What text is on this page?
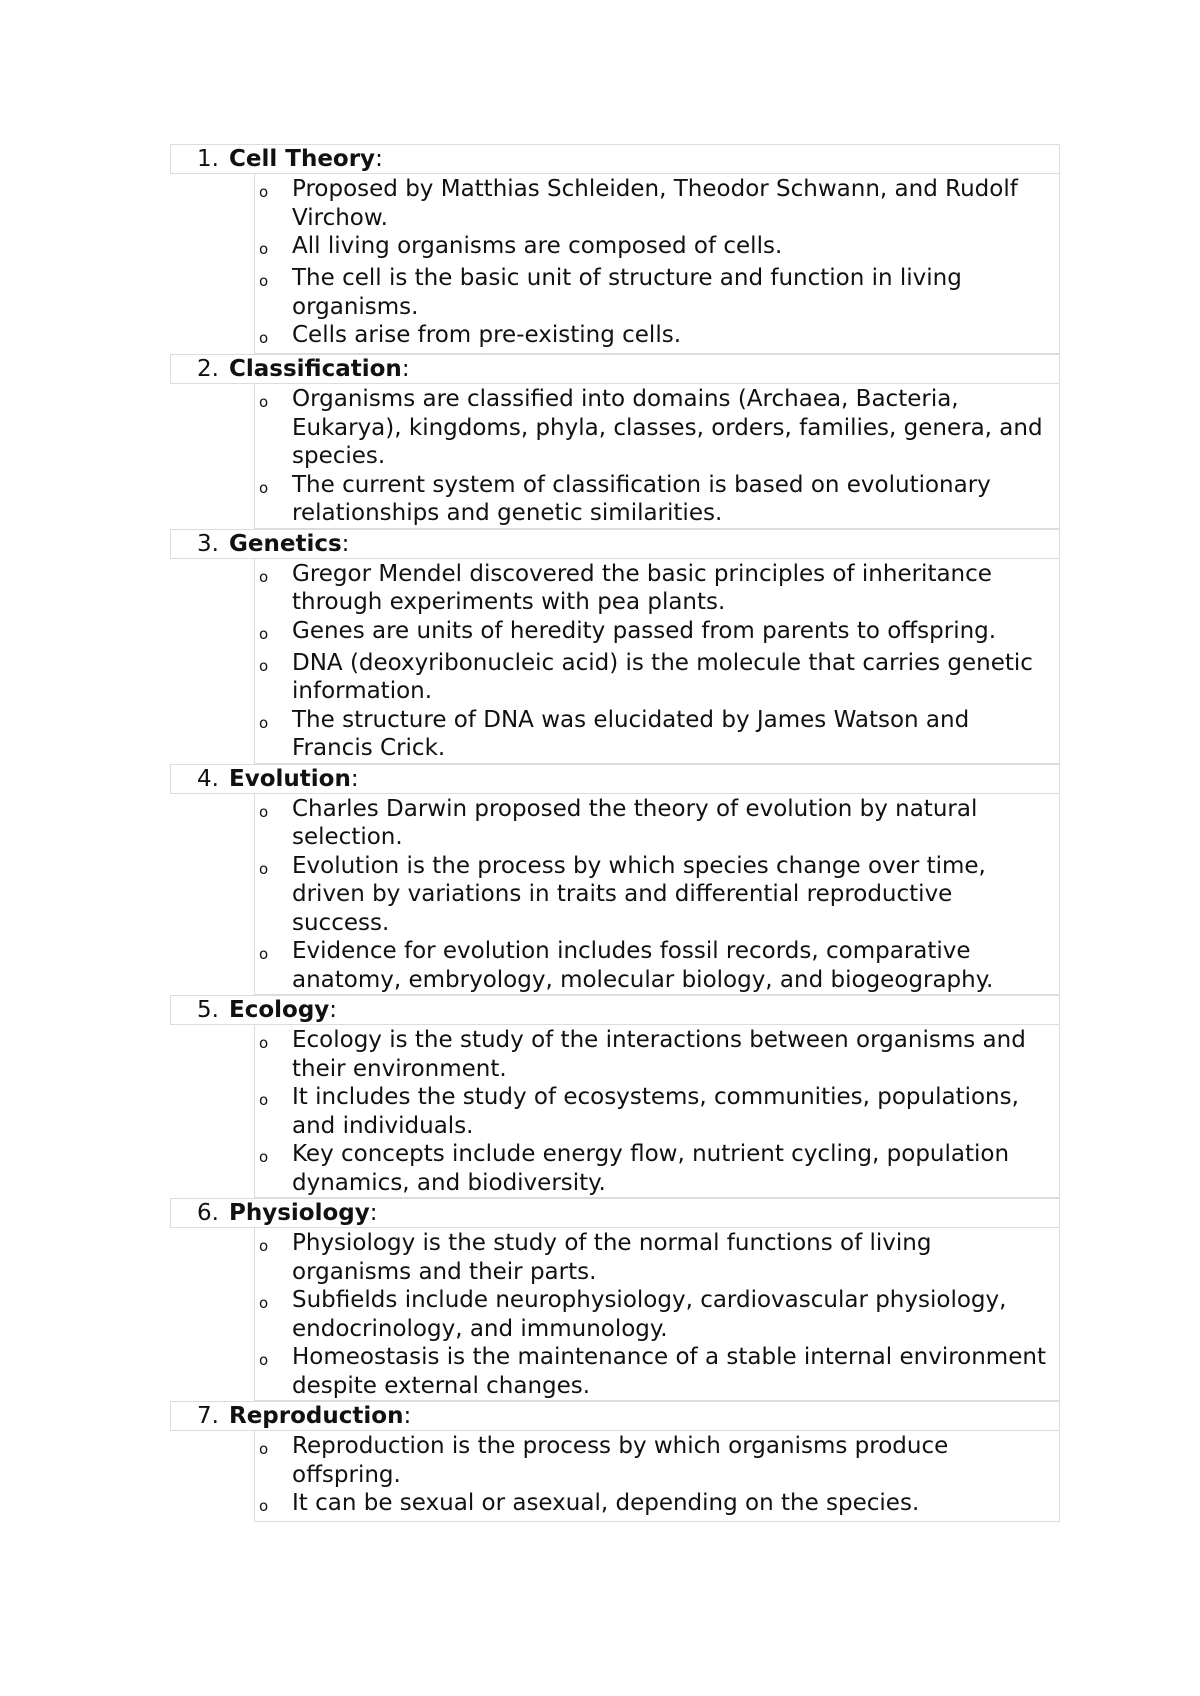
1. Cell Theory :
o	Proposed by Matthias Schleiden, Theodor Schwann, and Rudolf Virchow.
o	All living organisms are composed of cells.
o	The cell is the basic unit of structure and function in living organisms.
o	Cells arise from pre-existing cells.
2. Classification :
o	Organisms are classified into domains (Archaea, Bacteria, Eukarya), kingdoms, phyla, classes, orders, families, genera, and species.
o	The current system of classification is based on evolutionary relationships and genetic similarities.
3. Genetics :
o	Gregor Mendel discovered the basic principles of inheritance through experiments with pea plants.
o	Genes are units of heredity passed from parents to offspring.
o	DNA (deoxyribonucleic acid) is the molecule that carries genetic information.
o	The structure of DNA was elucidated by James Watson and Francis Crick.
4. Evolution :
o	Charles Darwin proposed the theory of evolution by natural selection.
o	Evolution is the process by which species change over time, driven by variations in traits and differential reproductive success.
o	Evidence for evolution includes fossil records, comparative anatomy, embryology, molecular biology, and biogeography.
5. Ecology :
o	Ecology is the study of the interactions between organisms and their environment.
o	It includes the study of ecosystems, communities, populations, and individuals.
o	Key concepts include energy flow, nutrient cycling, population dynamics, and biodiversity.
6. Physiology :
o	Physiology is the study of the normal functions of living organisms and their parts.
o	Subfields include neurophysiology, cardiovascular physiology, endocrinology, and immunology.
o	Homeostasis is the maintenance of a stable internal environment despite external changes.
7. Reproduction :
o	Reproduction is the process by which organisms produce offspring.
o	It can be sexual or asexual, depending on the species.
